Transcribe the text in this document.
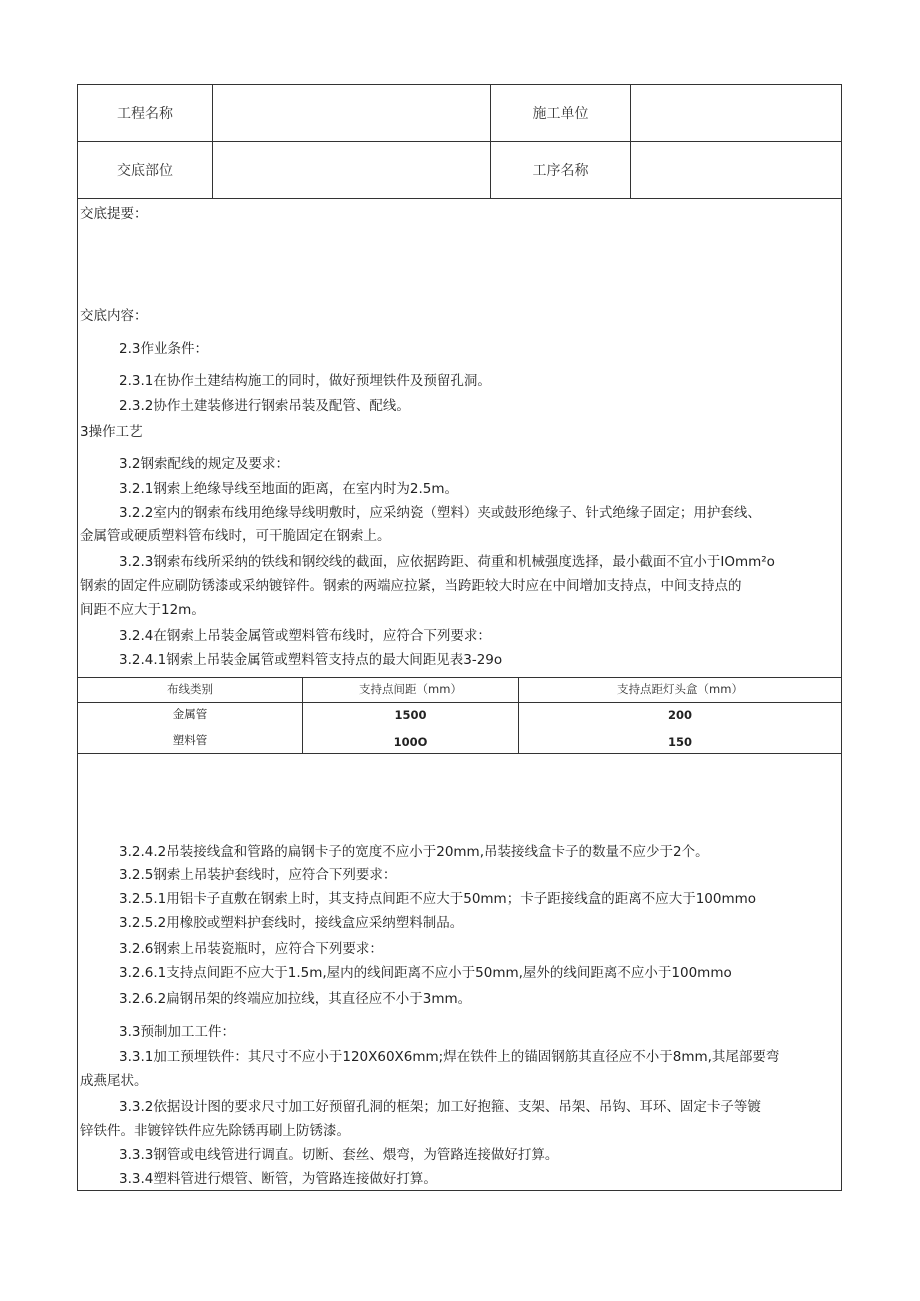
工程名称	施工单位
交底部位	工序名称
交底提要：
交底内容：
2.3作业条件：
2.3.1在协作土建结构施工的同时，做好预埋铁件及预留孔洞。
2.3.2协作土建装修进行钢索吊装及配管、配线。
3操作工艺
3.2钢索配线的规定及要求：
3.2.1钢索上绝缘导线至地面的距离，在室内时为2.5m。
3.2.2室内的钢索布线用绝缘导线明敷时，应采纳瓷（塑料）夹或鼓形绝缘子、针式绝缘子固定；用护套线、
金属管或硬质塑料管布线时，可干脆固定在钢索上。
3.2.3钢索布线所采纳的铁线和钢绞线的截面，应依据跨距、荷重和机械强度选择，最小截面不宜小于IOmm²o
钢索的固定件应刷防锈漆或采纳镀锌件。钢索的两端应拉紧，当跨距较大时应在中间增加支持点，中间支持点的
间距不应大于12m。
3.2.4在钢索上吊装金属管或塑料管布线时，应符合下列要求：
3.2.4.1钢索上吊装金属管或塑料管支持点的最大间距见表3-29o
布线类别	支持点间距（mm）	支持点距灯头盒（mm）
金属管	1500	200
塑料管	100O	150
3.2.4.2吊装接线盒和管路的扁钢卡子的宽度不应小于20mm,吊装接线盒卡子的数量不应少于2个。
3.2.5钢索上吊装护套线时，应符合下列要求：
3.2.5.1用铝卡子直敷在钢索上时，其支持点间距不应大于50mm；卡子距接线盒的距离不应大于100mmo
3.2.5.2用橡胶或塑料护套线时，接线盒应采纳塑料制品。
3.2.6钢索上吊装瓷瓶时，应符合下列要求：
3.2.6.1支持点间距不应大于1.5m,屋内的线间距离不应小于50mm,屋外的线间距离不应小于100mmo
3.2.6.2扁钢吊架的终端应加拉线，其直径应不小于3mm。
3.3预制加工工件：
3.3.1加工预埋铁件：其尺寸不应小于120X60X6mm;焊在铁件上的锚固钢筋其直径应不小于8mm,其尾部要弯
成燕尾状。
3.3.2依据设计图的要求尺寸加工好预留孔洞的框架；加工好抱箍、支架、吊架、吊钩、耳环、固定卡子等镀
锌铁件。非镀锌铁件应先除锈再刷上防锈漆。
3.3.3钢管或电线管进行调直。切断、套丝、煨弯，为管路连接做好打算。
3.3.4塑料管进行煨管、断管，为管路连接做好打算。
